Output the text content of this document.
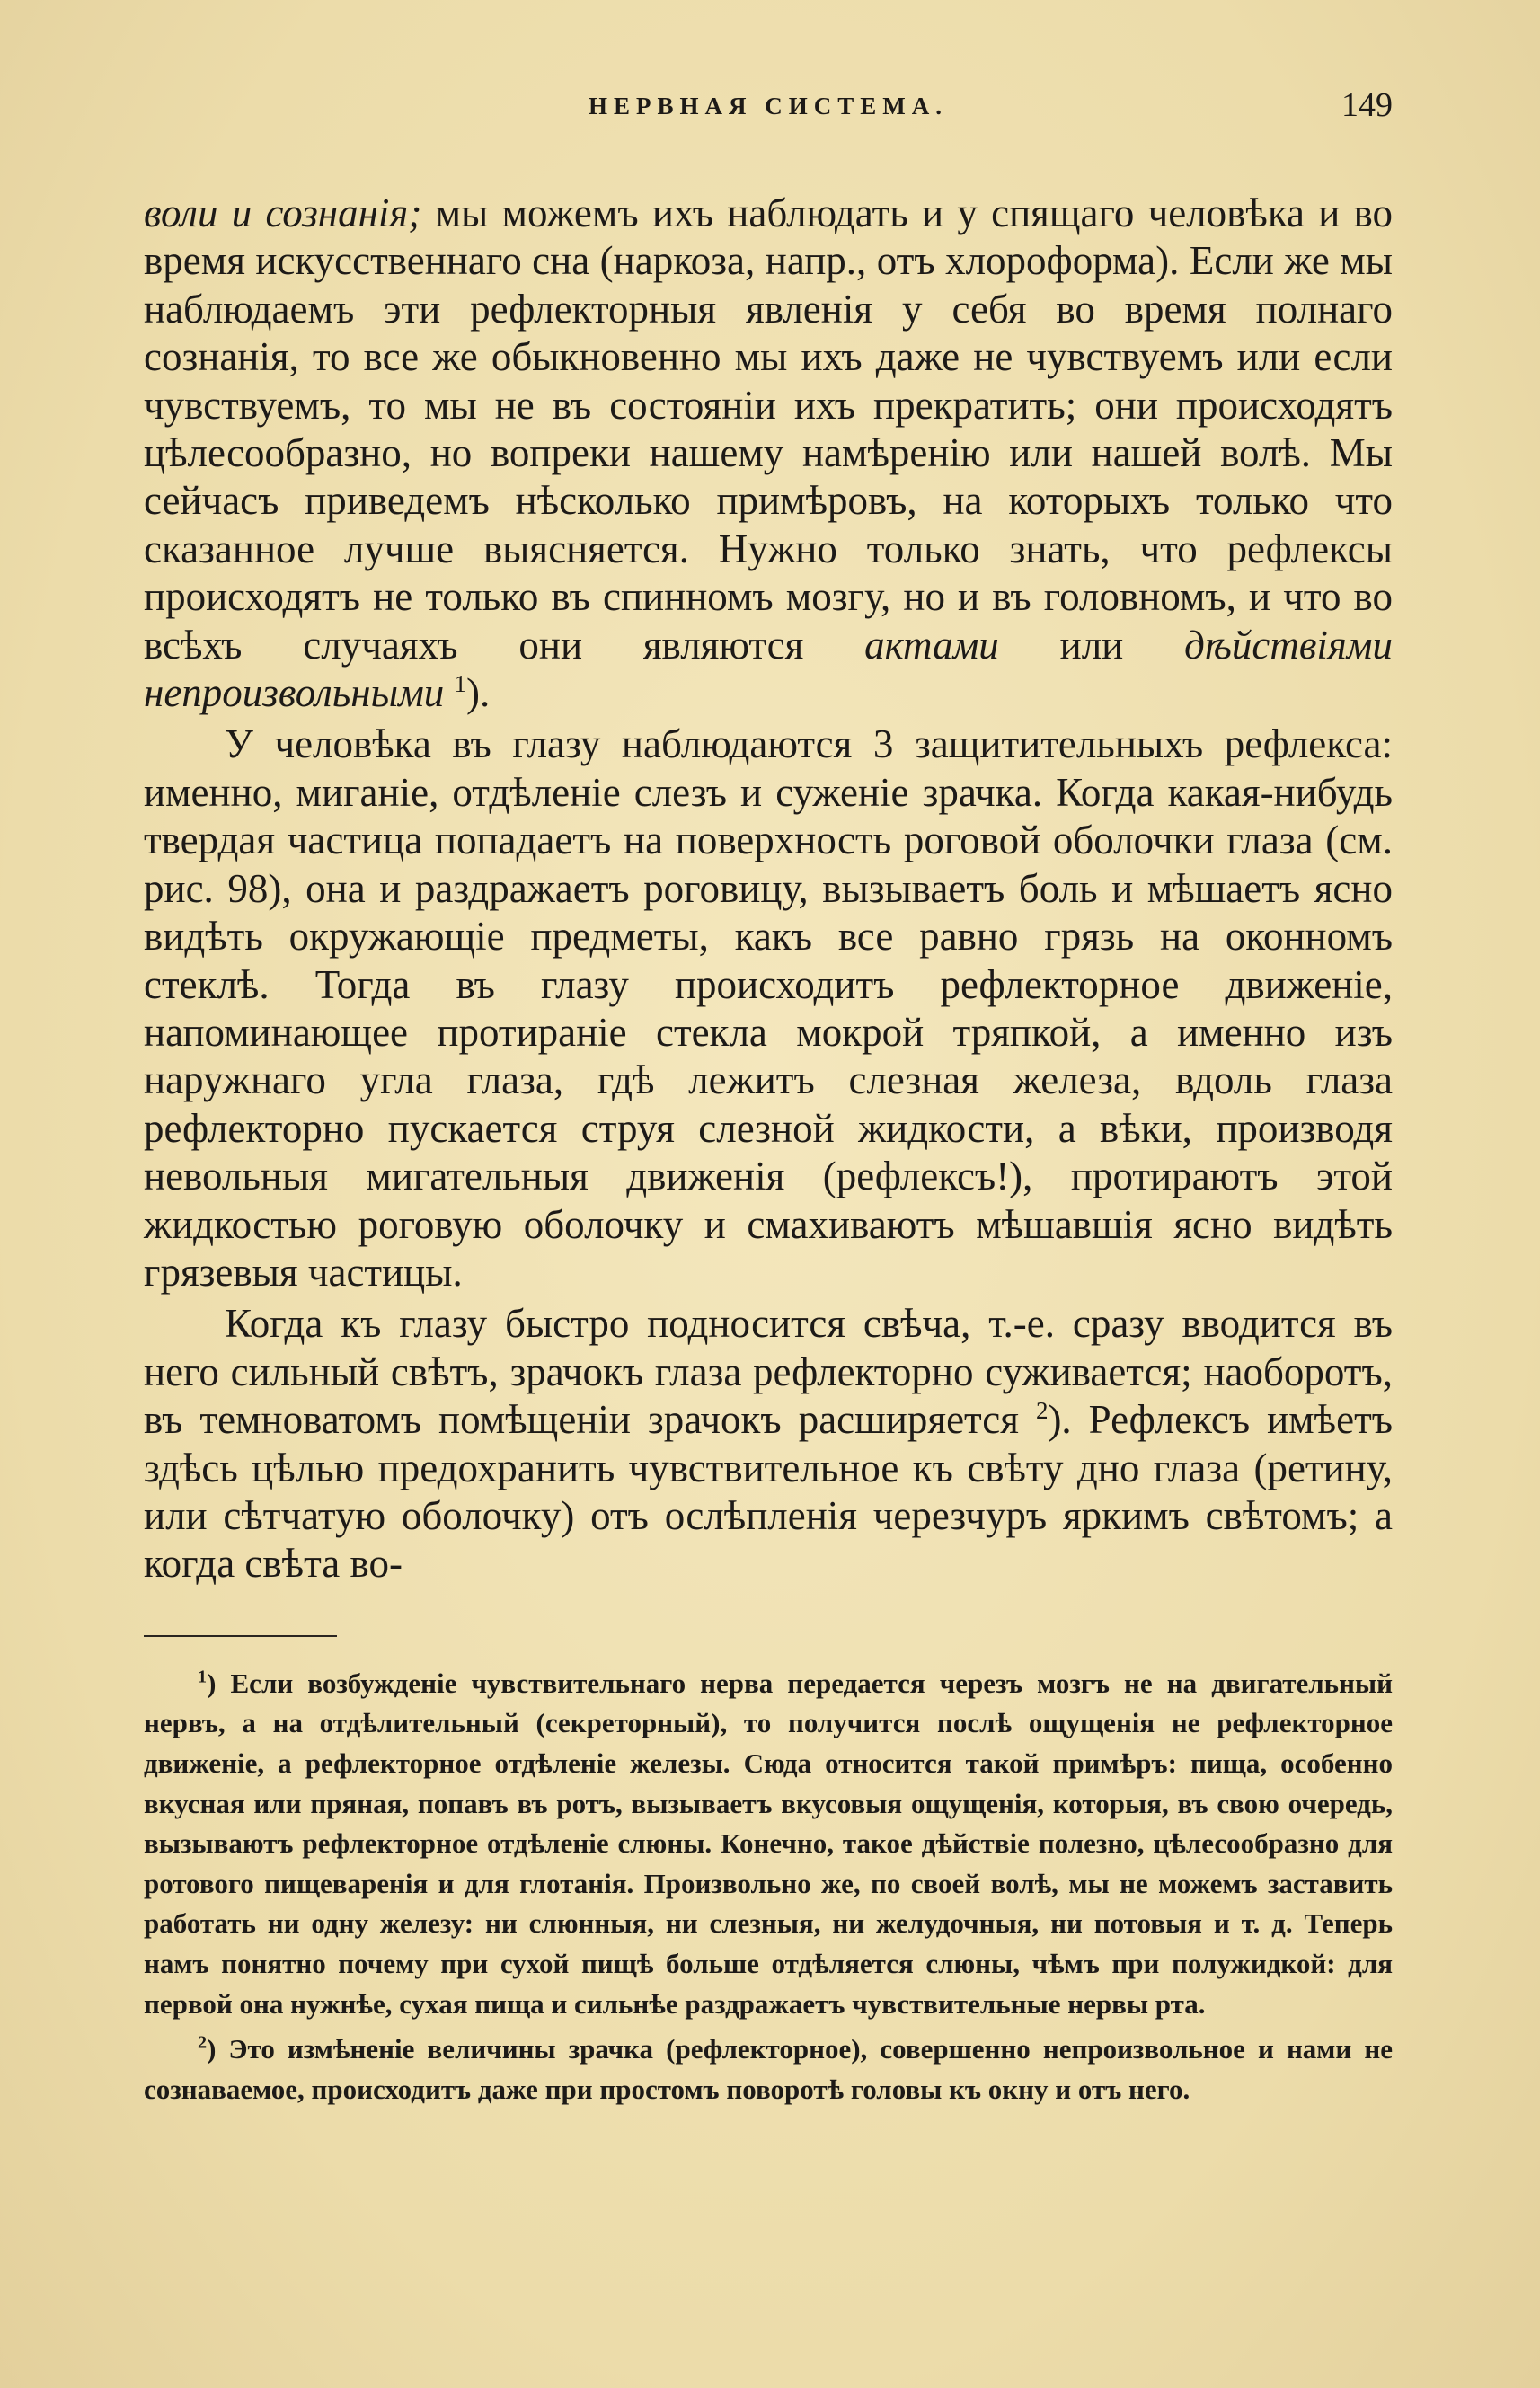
НЕРВНАЯ СИСТЕМА.	149

воли и сознанія; мы можемъ ихъ наблюдать и у спящаго человѣка и во время искусственнаго сна (наркоза, напр., отъ хлороформа). Если же мы наблюдаемъ эти рефлекторныя явленія у себя во время полнаго сознанія, то все же обыкновенно мы ихъ даже не чувствуемъ или если чувствуемъ, то мы не въ состояніи ихъ прекратить; они происходятъ цѣлесообразно, но вопреки нашему намѣренію или нашей волѣ. Мы сейчасъ приведемъ нѣсколько примѣровъ, на которыхъ только что сказанное лучше выясняется. Нужно только знать, что рефлексы происходятъ не только въ спинномъ мозгу, но и въ головномъ, и что во всѣхъ случаяхъ они являются актами или дѣйствіями непроизвольными $^1$).

У человѣка въ глазу наблюдаются 3 защитительныхъ рефлекса: именно, миганіе, отдѣленіе слезъ и суженіе зрачка. Когда какая-нибудь твердая частица попадаетъ на поверхность роговой оболочки глаза (см. рис. 98), она и раздражаетъ роговицу, вызываетъ боль и мѣшаетъ ясно видѣть окружающіе предметы, какъ все равно грязь на оконномъ стеклѣ. Тогда въ глазу происходитъ рефлекторное движеніе, напоминающее протираніе стекла мокрой тряпкой, а именно изъ наружнаго угла глаза, гдѣ лежитъ слезная железа, вдоль глаза рефлекторно пускается струя слезной жидкости, а вѣки, производя невольныя мигательныя движенія (рефлексъ!), протираютъ этой жидкостью роговую оболочку и смахиваютъ мѣшавшія ясно видѣть грязевыя частицы.

Когда къ глазу быстро подносится свѣча, т.-е. сразу вводится въ него сильный свѣтъ, зрачокъ глаза рефлекторно суживается; наоборотъ, въ темноватомъ помѣщеніи зрачокъ расширяется $^2$). Рефлексъ имѣетъ здѣсь цѣлью предохранить чувствительное къ свѣту дно глаза (ретину, или сѣтчатую оболочку) отъ ослѣпленія черезчуръ яркимъ свѣтомъ; а когда свѣта во-

$^1$) Если возбужденіе чувствительнаго нерва передается черезъ мозгъ не на двигательный нервъ, а на отдѣлительный (секреторный), то получится послѣ ощущенія не рефлекторное движеніе, а рефлекторное отдѣленіе железы. Сюда относится такой примѣръ: пища, особенно вкусная или пряная, попавъ въ ротъ, вызываетъ вкусовыя ощущенія, которыя, въ свою очередь, вызываютъ рефлекторное отдѣленіе слюны. Конечно, такое дѣйствіе полезно, цѣлесообразно для ротового пищеваренія и для глотанія. Произвольно же, по своей волѣ, мы не можемъ заставить работать ни одну железу: ни слюнныя, ни слезныя, ни желудочныя, ни потовыя и т. д. Теперь намъ понятно почему при сухой пищѣ больше отдѣляется слюны, чѣмъ при полужидкой: для первой она нужнѣе, сухая пища и сильнѣе раздражаетъ чувствительные нервы рта.

$^2$) Это измѣненіе величины зрачка (рефлекторное), совершенно непроизвольное и нами не сознаваемое, происходитъ даже при простомъ поворотѣ головы къ окну и отъ него.
